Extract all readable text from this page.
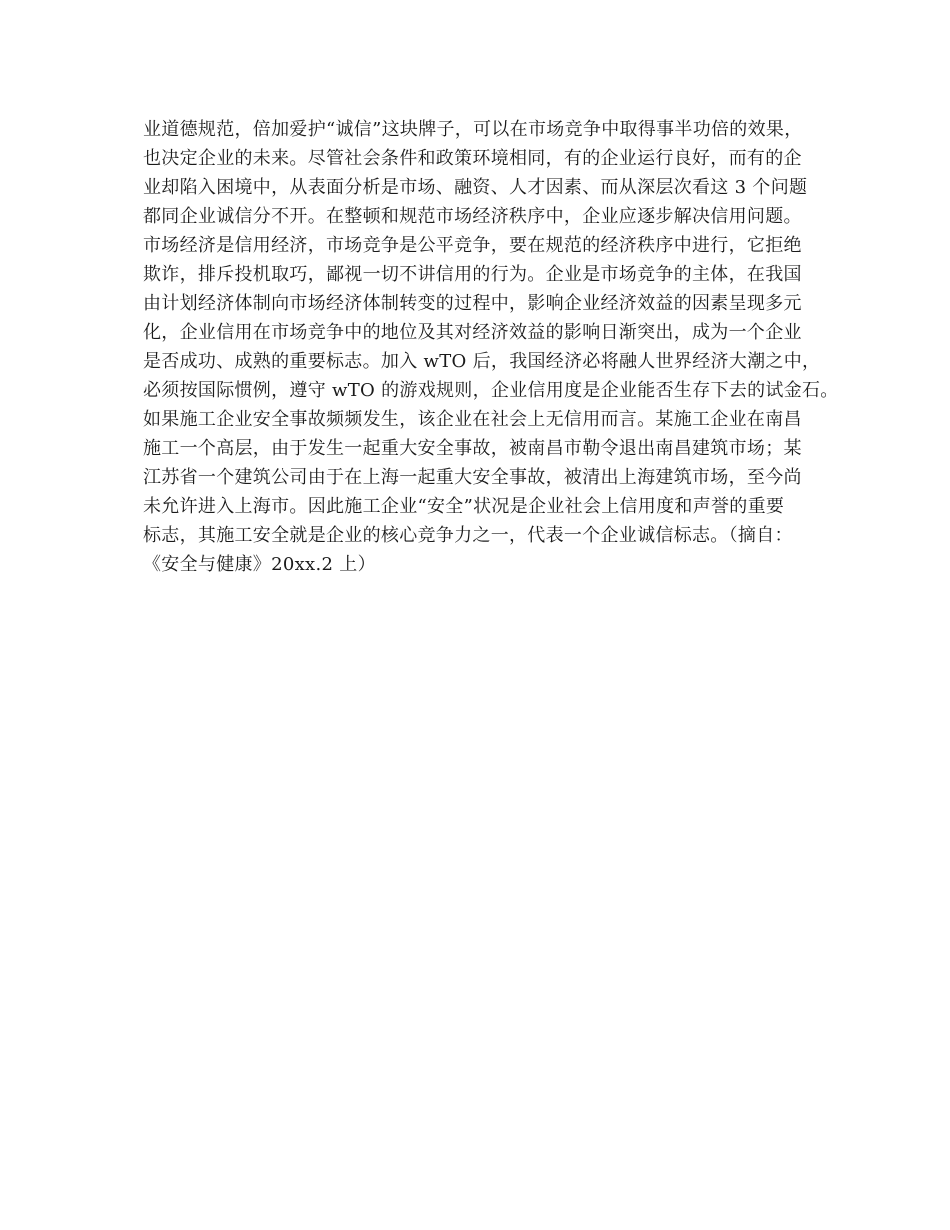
业道德规范，倍加爱护“诚信”这块牌子，可以在市场竞争中取得事半功倍的效果，
也决定企业的未来。尽管社会条件和政策环境相同，有的企业运行良好，而有的企
业却陷入困境中，从表面分析是市场、融资、人才因素、而从深层次看这 3 个问题
都同企业诚信分不开。在整顿和规范市场经济秩序中，企业应逐步解决信用问题。
市场经济是信用经济，市场竞争是公平竞争，要在规范的经济秩序中进行，它拒绝
欺诈，排斥投机取巧，鄙视一切不讲信用的行为。企业是市场竞争的主体，在我国
由计划经济体制向市场经济体制转变的过程中，影响企业经济效益的因素呈现多元
化，企业信用在市场竞争中的地位及其对经济效益的影响日渐突出，成为一个企业
是否成功、成熟的重要标志。加入 wTO 后，我国经济必将融人世界经济大潮之中，
必须按国际惯例，遵守 wTO 的游戏规则，企业信用度是企业能否生存下去的试金石。
如果施工企业安全事故频频发生，该企业在社会上无信用而言。某施工企业在南昌
施工一个高层，由于发生一起重大安全事故，被南昌市勒令退出南昌建筑市场；某
江苏省一个建筑公司由于在上海一起重大安全事故，被清出上海建筑市场，至今尚
未允许进入上海市。因此施工企业“安全”状况是企业社会上信用度和声誉的重要
标志，其施工安全就是企业的核心竞争力之一，代表一个企业诚信标志。（摘自：
《安全与健康》20xx.2 上）
